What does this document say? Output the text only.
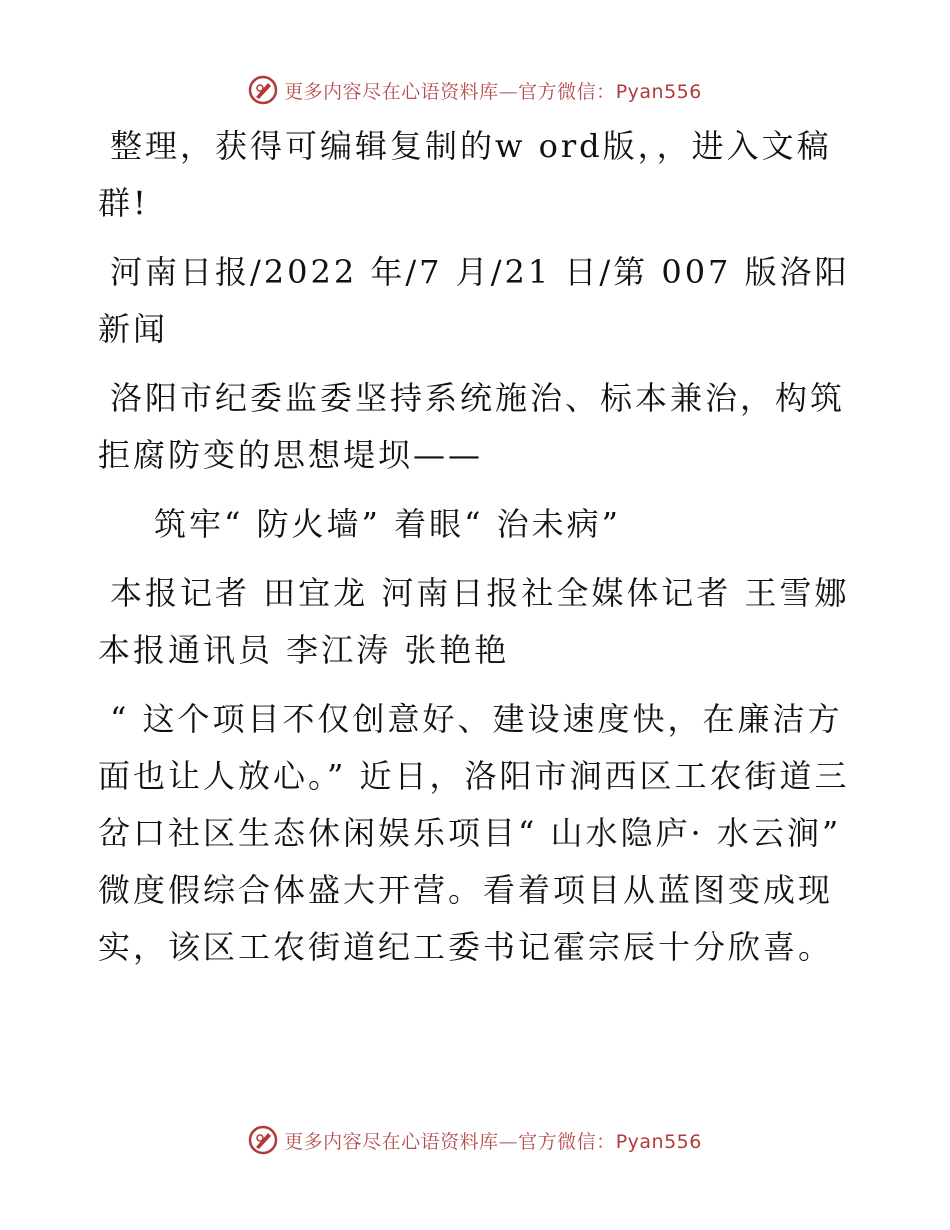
更多内容尽在心语资料库—官方微信：Pyan556

整理，获得可编辑复制的w ord版，，进入文稿群!

河南日报/2022 年/7 月/21 日/第 007 版洛阳新闻

洛阳市纪委监委坚持系统施治、标本兼治，构筑拒腐防变的思想堤坝——

筑牢“ 防火墙” 着眼“ 治未病”

本报记者 田宜龙 河南日报社全媒体记者 王雪娜 本报通讯员 李江涛 张艳艳

“ 这个项目不仅创意好、建设速度快，在廉洁方面也让人放心。” 近日，洛阳市涧西区工农街道三岔口社区生态休闲娱乐项目“ 山水隐庐· 水云涧” 微度假综合体盛大开营。看着项目从蓝图变成现实，该区工农街道纪工委书记霍宗辰十分欣喜。

更多内容尽在心语资料库—官方微信：Pyan556
